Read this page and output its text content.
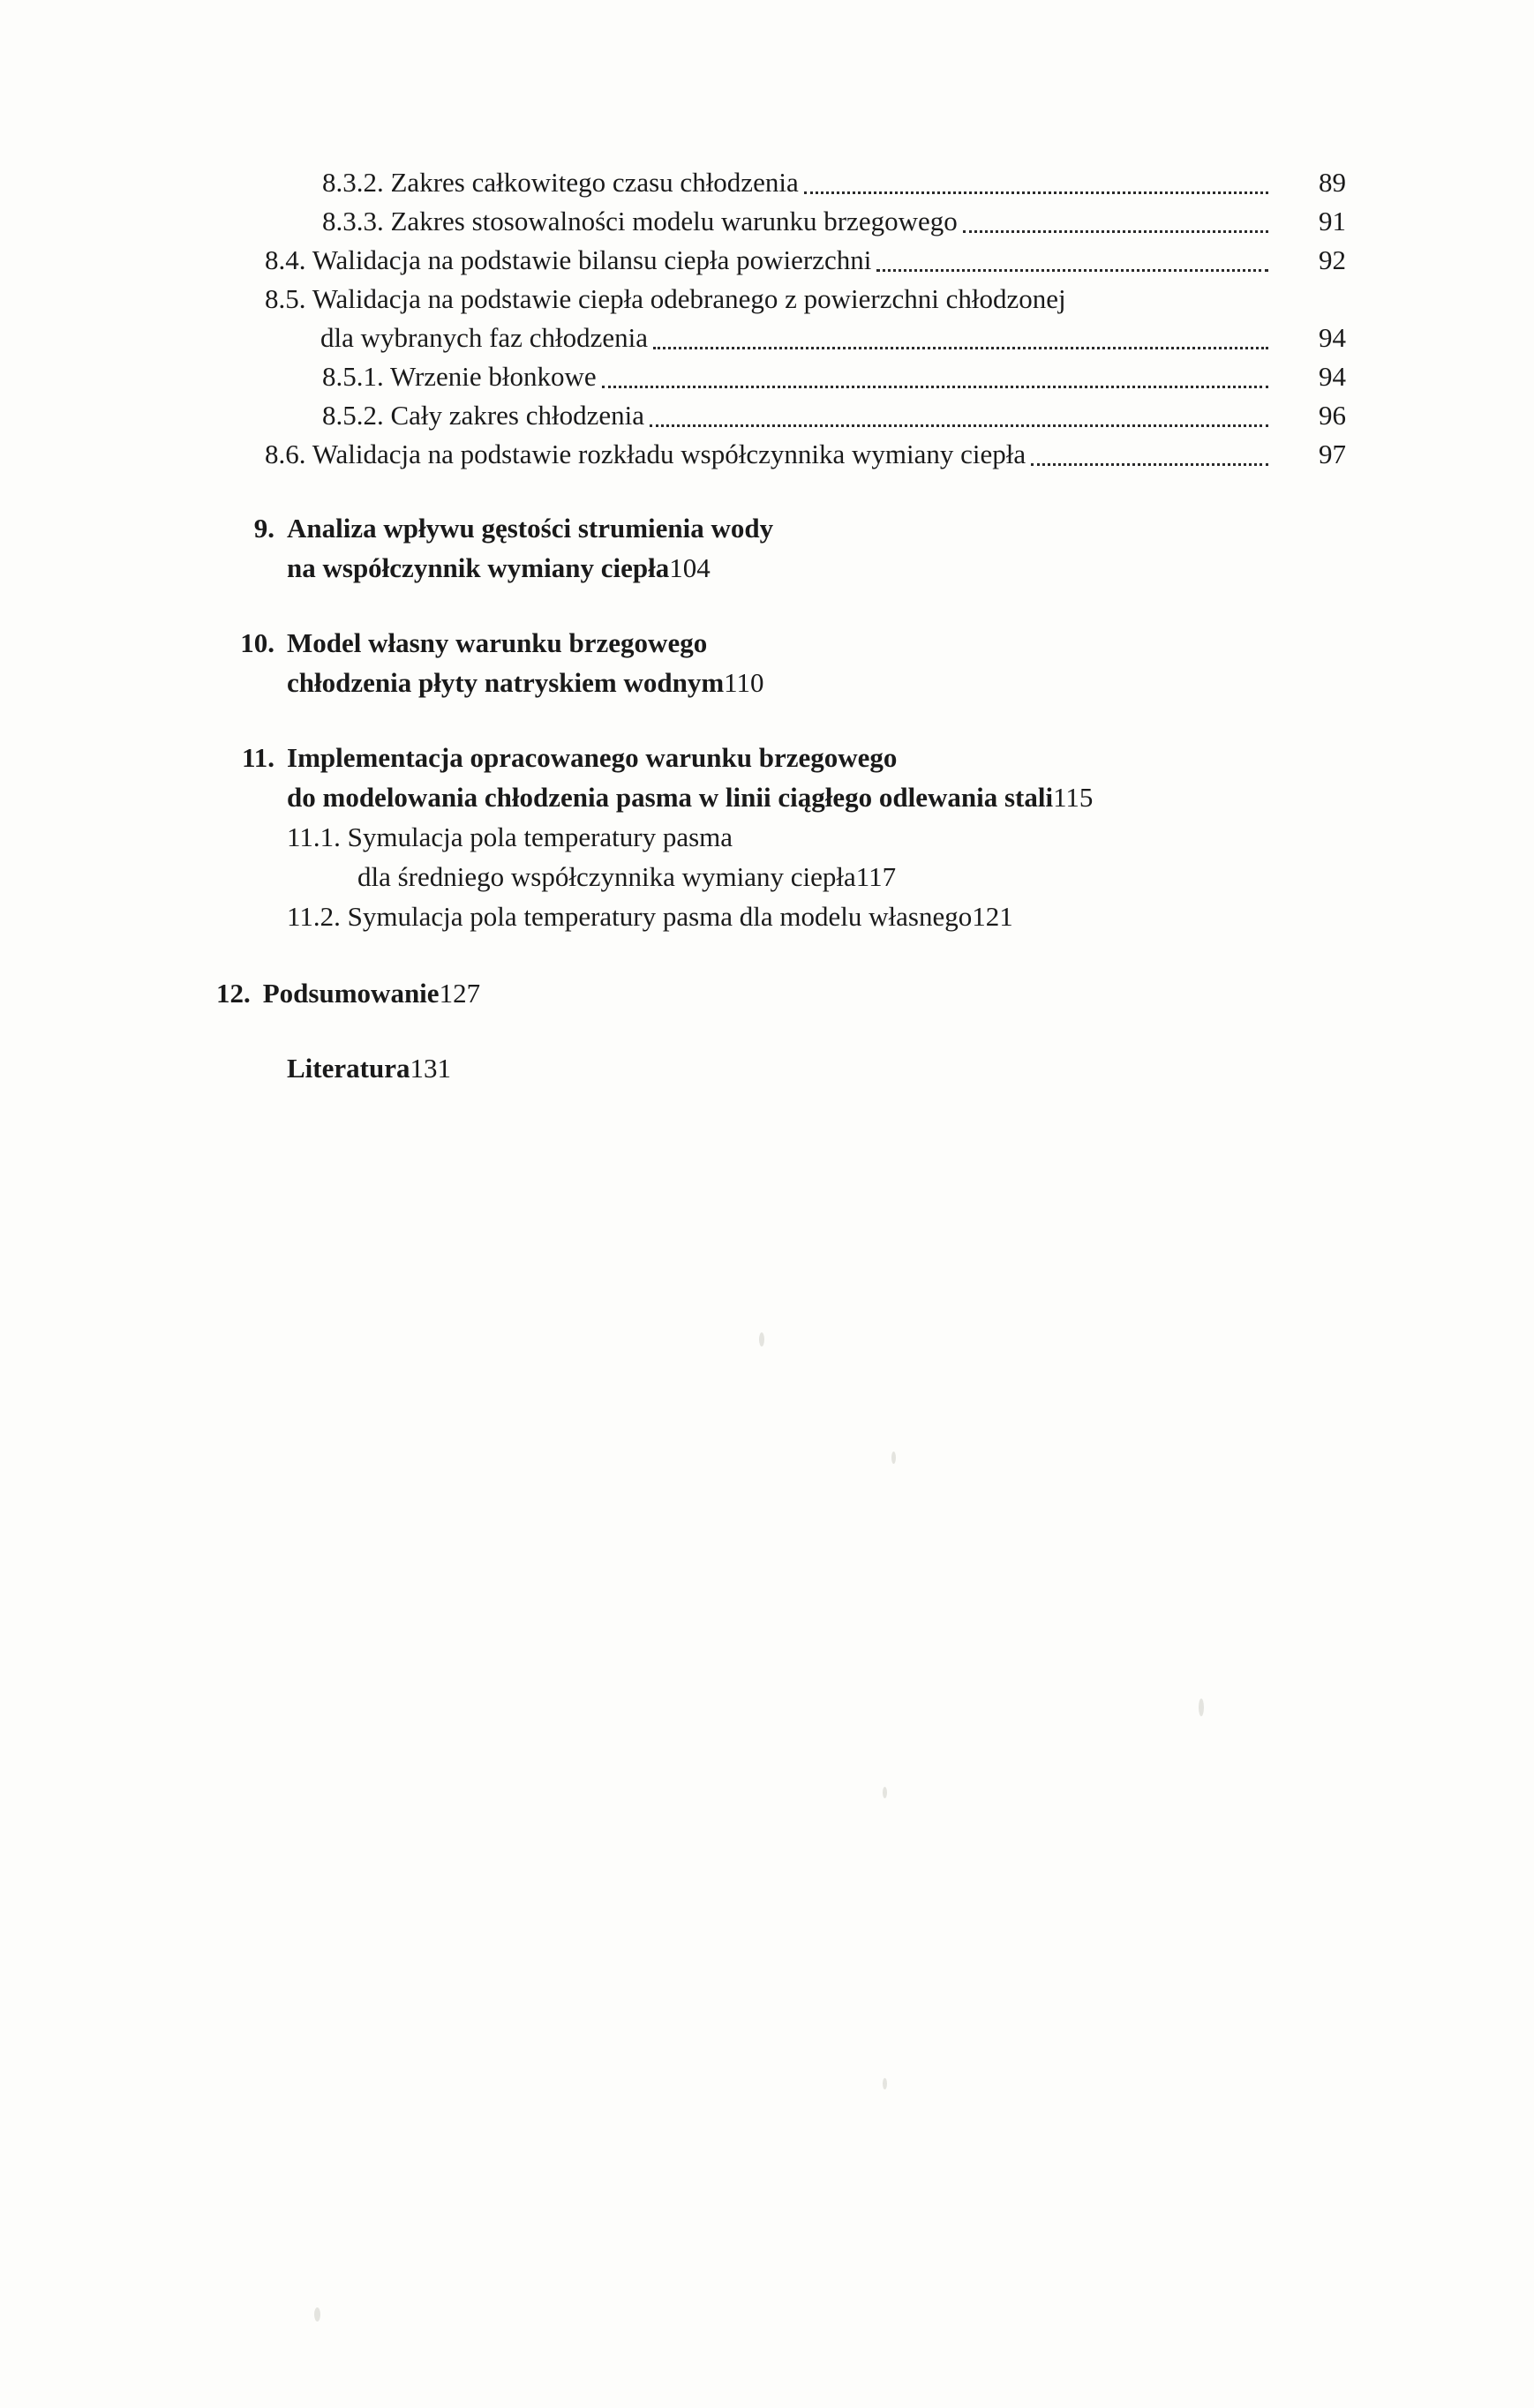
8.3.2. Zakres całkowitego czasu chłodzenia	89
8.3.3. Zakres stosowalności modelu warunku brzegowego	91
8.4. Walidacja na podstawie bilansu ciepła powierzchni	92
8.5. Walidacja na podstawie ciepła odebranego z powierzchni chłodzonej
dla wybranych faz chłodzenia	94
8.5.1. Wrzenie błonkowe	94
8.5.2. Cały zakres chłodzenia	96
8.6. Walidacja na podstawie rozkładu współczynnika wymiany ciepła	97
9. Analiza wpływu gęstości strumienia wody
na współczynnik wymiany ciepła 104
10. Model własny warunku brzegowego
chłodzenia płyty natryskiem wodnym 110
11. Implementacja opracowanego warunku brzegowego
do modelowania chłodzenia pasma w linii ciągłego odlewania stali 115
11.1. Symulacja pola temperatury pasma
dla średniego współczynnika wymiany ciepła 117
11.2. Symulacja pola temperatury pasma dla modelu własnego 121
12. Podsumowanie 127
Literatura 131
